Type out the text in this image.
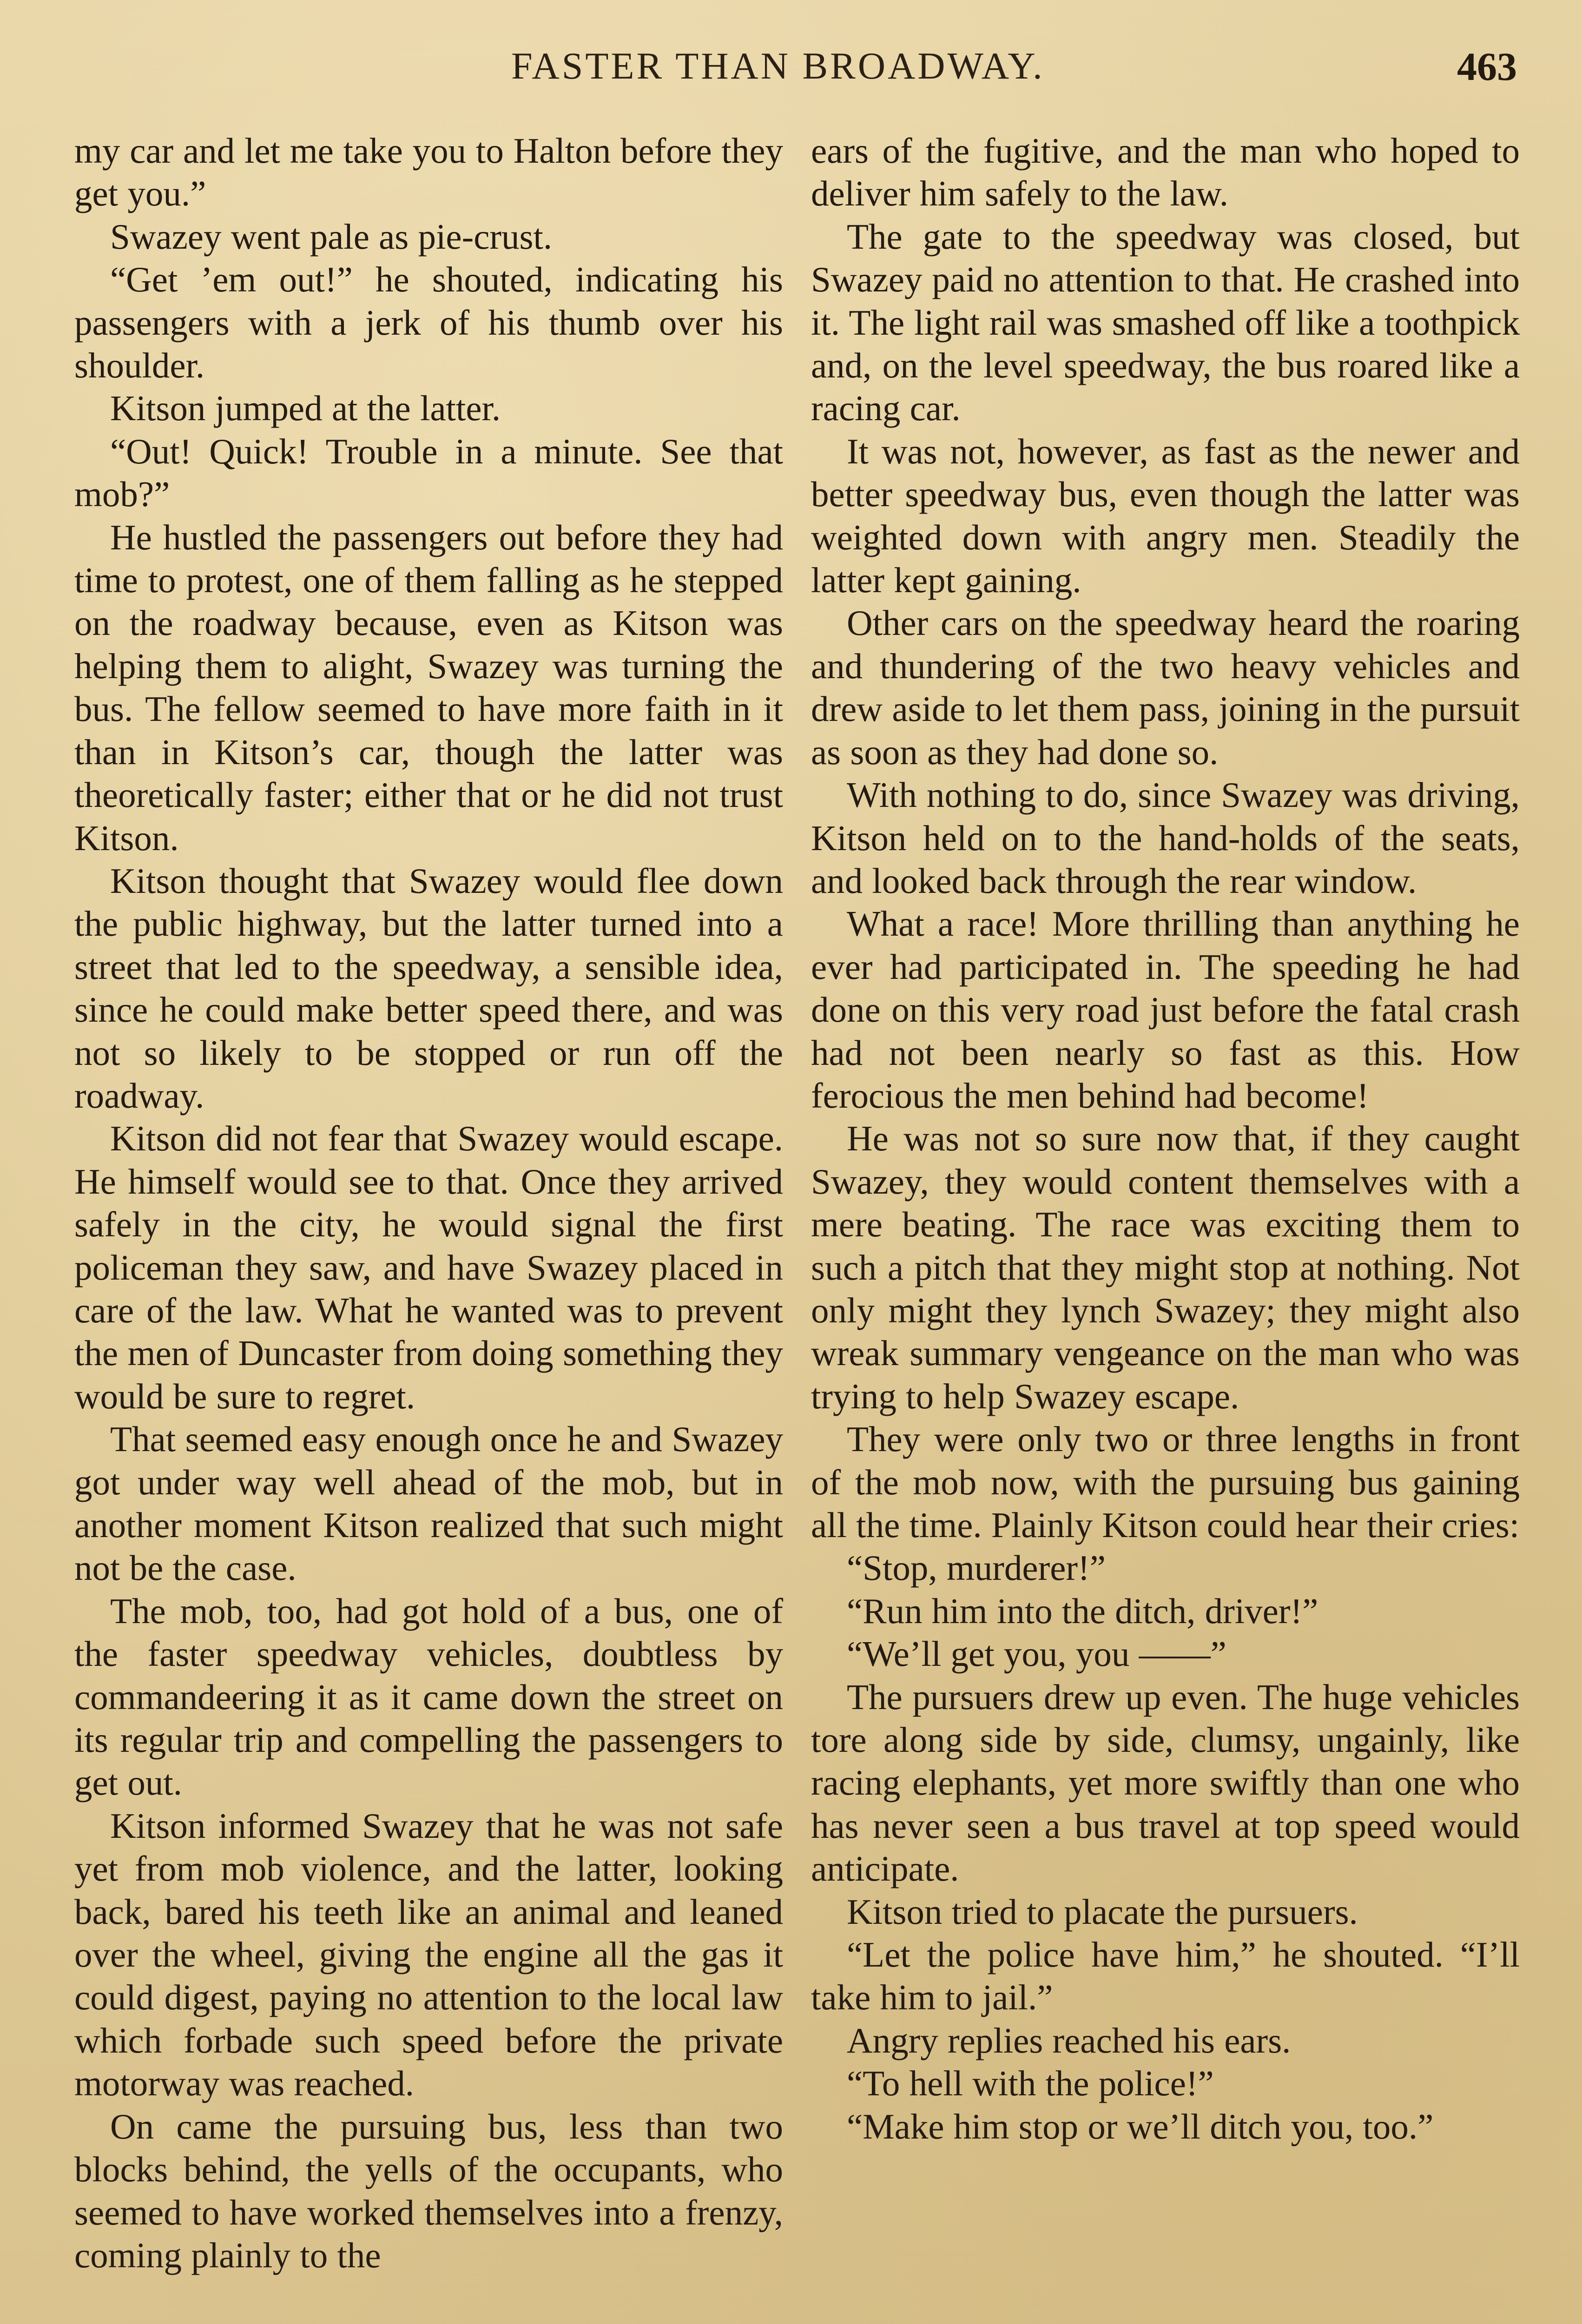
FASTER THAN BROADWAY.	463

my car and let me take you to Halton before they get you.”

Swazey went pale as pie-crust.

“Get ’em out!” he shouted, indicating his passengers with a jerk of his thumb over his shoulder.

Kitson jumped at the latter.

“Out! Quick! Trouble in a minute. See that mob?”

He hustled the passengers out before they had time to protest, one of them falling as he stepped on the roadway because, even as Kitson was helping them to alight, Swazey was turning the bus. The fellow seemed to have more faith in it than in Kitson’s car, though the latter was theoretically faster; either that or he did not trust Kitson.

Kitson thought that Swazey would flee down the public highway, but the latter turned into a street that led to the speedway, a sensible idea, since he could make better speed there, and was not so likely to be stopped or run off the roadway.

Kitson did not fear that Swazey would escape. He himself would see to that. Once they arrived safely in the city, he would signal the first policeman they saw, and have Swazey placed in care of the law. What he wanted was to prevent the men of Duncaster from doing something they would be sure to regret.

That seemed easy enough once he and Swazey got under way well ahead of the mob, but in another moment Kitson realized that such might not be the case.

The mob, too, had got hold of a bus, one of the faster speedway vehicles, doubtless by commandeering it as it came down the street on its regular trip and compelling the passengers to get out.

Kitson informed Swazey that he was not safe yet from mob violence, and the latter, looking back, bared his teeth like an animal and leaned over the wheel, giving the engine all the gas it could digest, paying no attention to the local law which forbade such speed before the private motorway was reached.

On came the pursuing bus, less than two blocks behind, the yells of the occupants, who seemed to have worked themselves into a frenzy, coming plainly to the

ears of the fugitive, and the man who hoped to deliver him safely to the law.

The gate to the speedway was closed, but Swazey paid no attention to that. He crashed into it. The light rail was smashed off like a toothpick and, on the level speedway, the bus roared like a racing car.

It was not, however, as fast as the newer and better speedway bus, even though the latter was weighted down with angry men. Steadily the latter kept gaining.

Other cars on the speedway heard the roaring and thundering of the two heavy vehicles and drew aside to let them pass, joining in the pursuit as soon as they had done so.

With nothing to do, since Swazey was driving, Kitson held on to the hand-holds of the seats, and looked back through the rear window.

What a race! More thrilling than anything he ever had participated in. The speeding he had done on this very road just before the fatal crash had not been nearly so fast as this. How ferocious the men behind had become!

He was not so sure now that, if they caught Swazey, they would content themselves with a mere beating. The race was exciting them to such a pitch that they might stop at nothing. Not only might they lynch Swazey; they might also wreak summary vengeance on the man who was trying to help Swazey escape.

They were only two or three lengths in front of the mob now, with the pursuing bus gaining all the time. Plainly Kitson could hear their cries:

“Stop, murderer!”

“Run him into the ditch, driver!”

“We’ll get you, you ——”

The pursuers drew up even. The huge vehicles tore along side by side, clumsy, ungainly, like racing elephants, yet more swiftly than one who has never seen a bus travel at top speed would anticipate.

Kitson tried to placate the pursuers.

“Let the police have him,” he shouted. “I’ll take him to jail.”

Angry replies reached his ears.

“To hell with the police!”

“Make him stop or we’ll ditch you, too.”
